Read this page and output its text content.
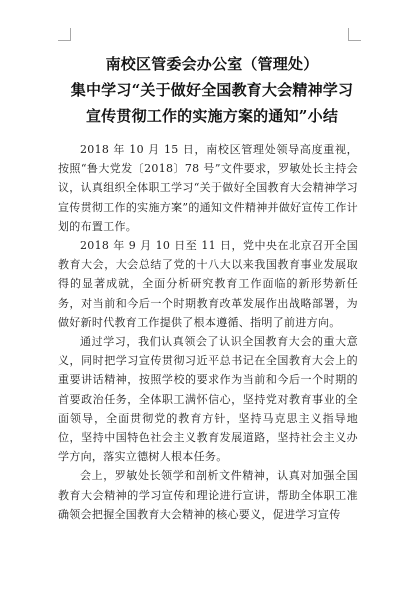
南校区管委会办公室（管理处）
集中学习“关于做好全国教育大会精神学习
宣传贯彻工作的实施方案的通知”小结

2018 年 10 月 15 日，南校区管理处领导高度重视，按照“鲁大党发〔2018〕78 号”文件要求，罗敏处长主持会议，认真组织全体职工学习“关于做好全国教育大会精神学习宣传贯彻工作的实施方案”的通知文件精神并做好宣传工作计划的布置工作。

2018 年 9 月 10 日至 11 日，党中央在北京召开全国教育大会，大会总结了党的十八大以来我国教育事业发展取得的显著成就，全面分析研究教育工作面临的新形势新任务，对当前和今后一个时期教育改革发展作出战略部署，为做好新时代教育工作提供了根本遵循、指明了前进方向。

通过学习，我们认真领会了认识全国教育大会的重大意义，同时把学习宣传贯彻习近平总书记在全国教育大会上的重要讲话精神，按照学校的要求作为当前和今后一个时期的首要政治任务，全体职工满怀信心，坚持党对教育事业的全面领导，全面贯彻党的教育方针，坚持马克思主义指导地位，坚持中国特色社会主义教育发展道路，坚持社会主义办学方向，落实立德树人根本任务。

会上，罗敏处长领学和剖析文件精神，认真对加强全国教育大会精神的学习宣传和理论进行宣讲，帮助全体职工准确领会把握全国教育大会精神的核心要义，促进学习宣传
